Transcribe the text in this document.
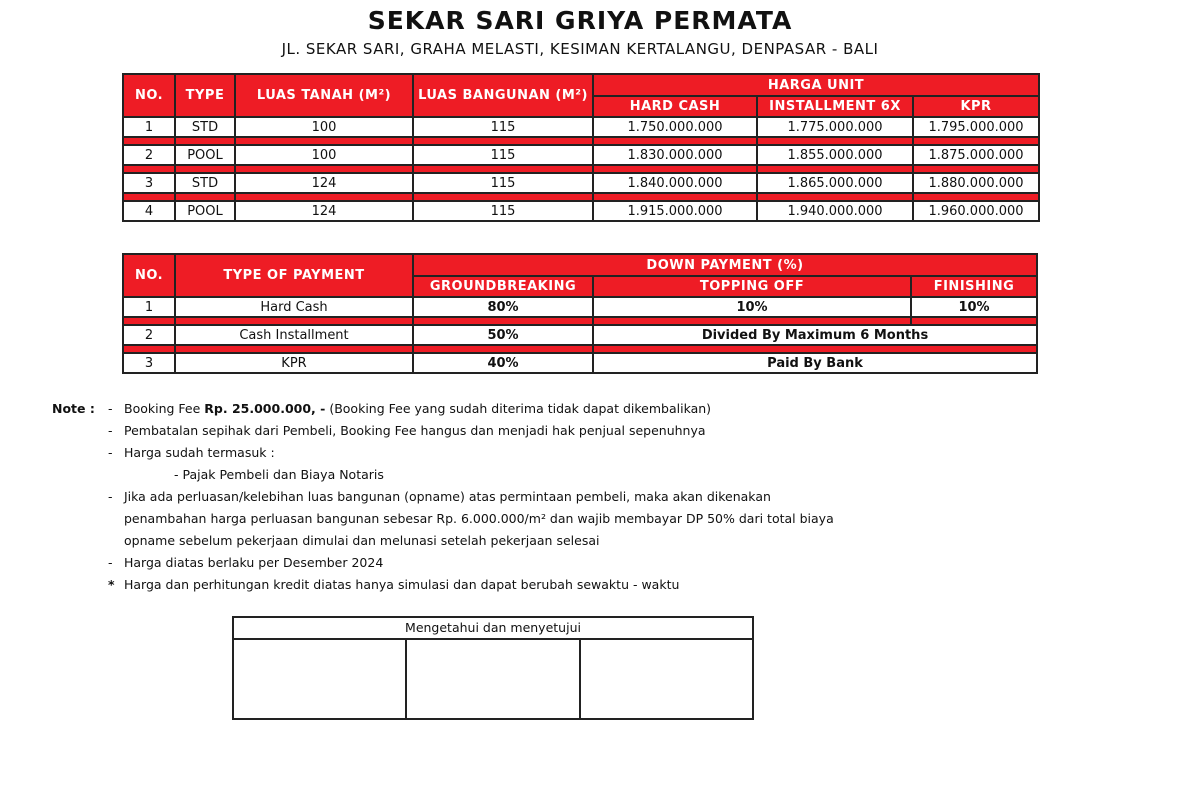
SEKAR SARI GRIYA PERMATA
JL. SEKAR SARI, GRAHA MELASTI, KESIMAN KERTALANGU, DENPASAR - BALI
NO.	TYPE	LUAS TANAH (M²)	LUAS BANGUNAN (M²)	HARGA UNIT		
				HARD CASH	INSTALLMENT 6X	KPR
1	STD	100	115	1.750.000.000	1.775.000.000	1.795.000.000

2	POOL	100	115	1.830.000.000	1.855.000.000	1.875.000.000

3	STD	124	115	1.840.000.000	1.865.000.000	1.880.000.000

4	POOL	124	115	1.915.000.000	1.940.000.000	1.960.000.000
NO.	TYPE OF PAYMENT	DOWN PAYMENT (%)		
		GROUNDBREAKING	TOPPING OFF	FINISHING
1	Hard Cash	80%	10%	10%

2	Cash Installment	50%	Divided By Maximum 6 Months	

3	KPR	40%	Paid By Bank	
Note : - Booking Fee Rp. 25.000.000, - (Booking Fee yang sudah diterima tidak dapat dikembalikan)
- Pembatalan sepihak dari Pembeli, Booking Fee hangus dan menjadi hak penjual sepenuhnya
- Harga sudah termasuk :
- Pajak Pembeli dan Biaya Notaris
- Jika ada perluasan/kelebihan luas bangunan (opname) atas permintaan pembeli, maka akan dikenakan
penambahan harga perluasan bangunan sebesar Rp. 6.000.000/m² dan wajib membayar DP 50% dari total biaya
opname sebelum pekerjaan dimulai dan melunasi setelah pekerjaan selesai
- Harga diatas berlaku per Desember 2024
* Harga dan perhitungan kredit diatas hanya simulasi dan dapat berubah sewaktu - waktu
Mengetahui dan menyetujui
